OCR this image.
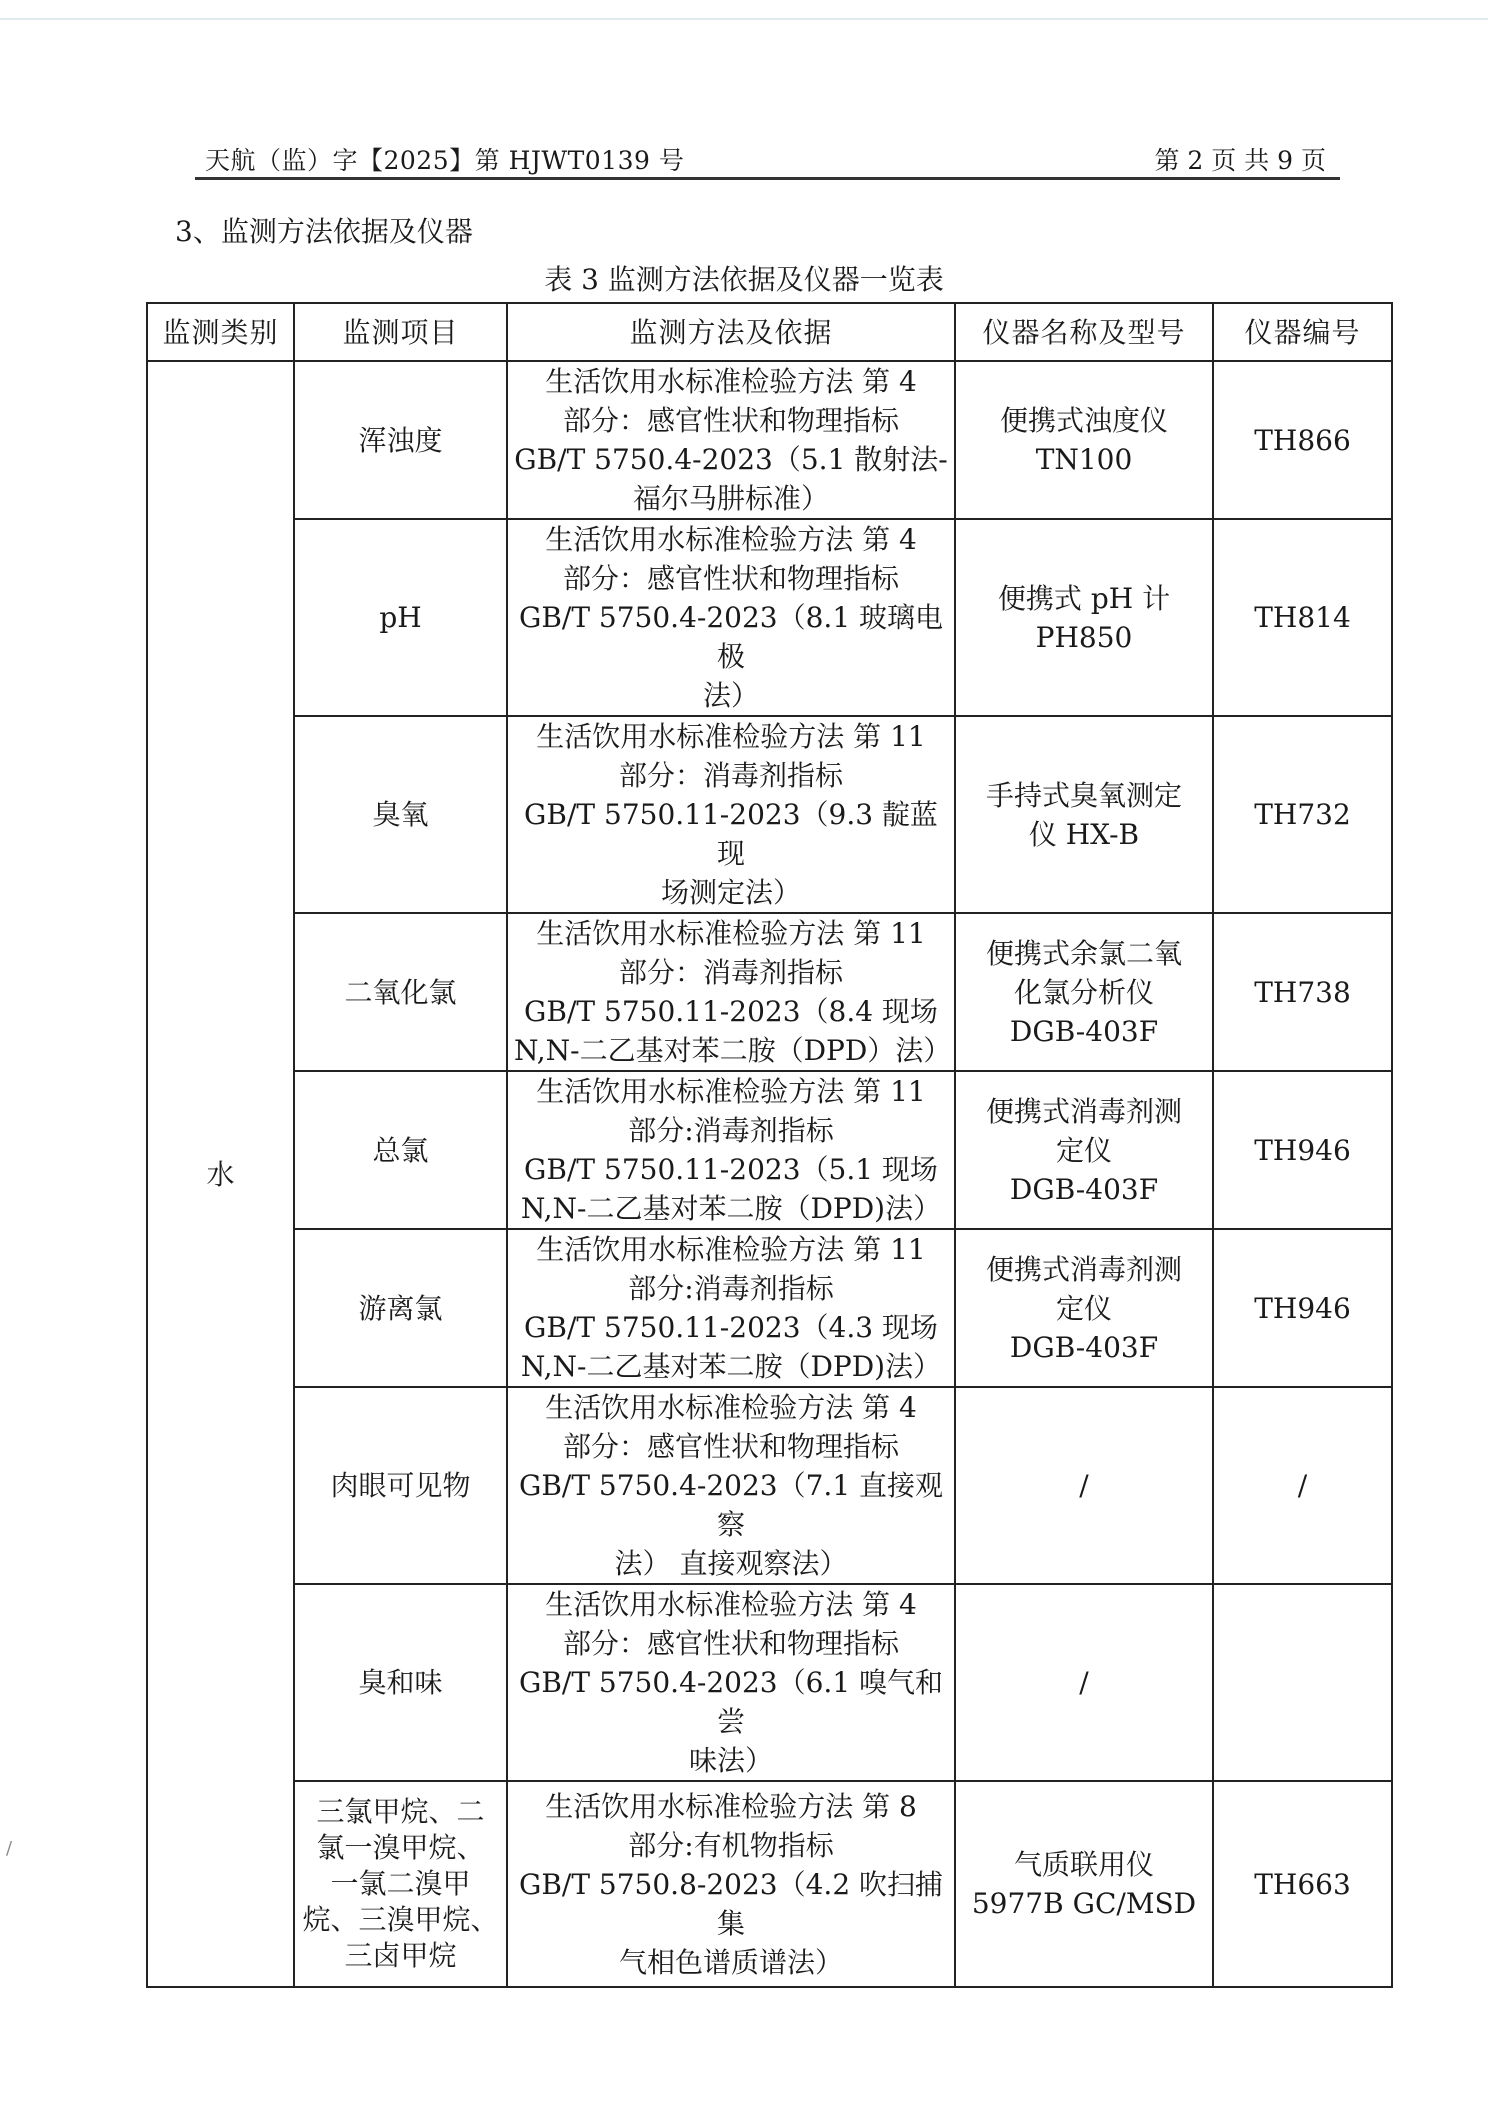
天航（监）字【2025】第 HJWT0139 号	第 2 页 共 9 页
3、监测方法依据及仪器
表 3 监测方法依据及仪器一览表
监测类别	监测项目	监测方法及依据	仪器名称及型号	仪器编号
水	浑浊度	生活饮用水标准检验方法 第 4
部分：感官性状和物理指标
GB/T 5750.4-2023（5.1 散射法-
福尔马肼标准）	便携式浊度仪
TN100	TH866
	pH	生活饮用水标准检验方法 第 4
部分：感官性状和物理指标
GB/T 5750.4-2023（8.1 玻璃电极
法）	便携式 pH 计
PH850	TH814
	臭氧	生活饮用水标准检验方法 第 11
部分：消毒剂指标
GB/T 5750.11-2023（9.3 靛蓝现
场测定法）	手持式臭氧测定
仪 HX-B	TH732
	二氧化氯	生活饮用水标准检验方法 第 11
部分：消毒剂指标
GB/T 5750.11-2023（8.4 现场
N,N-二乙基对苯二胺（DPD）法）	便携式余氯二氧
化氯分析仪
DGB-403F	TH738
	总氯	生活饮用水标准检验方法 第 11
部分:消毒剂指标
GB/T 5750.11-2023（5.1 现场
N,N-二乙基对苯二胺（DPD)法）	便携式消毒剂测
定仪
DGB-403F	TH946
	游离氯	生活饮用水标准检验方法 第 11
部分:消毒剂指标
GB/T 5750.11-2023（4.3 现场
N,N-二乙基对苯二胺（DPD)法）	便携式消毒剂测
定仪
DGB-403F	TH946
	肉眼可见物	生活饮用水标准检验方法 第 4
部分：感官性状和物理指标
GB/T 5750.4-2023（7.1 直接观察
法） 直接观察法）	/	/
	臭和味	生活饮用水标准检验方法 第 4
部分：感官性状和物理指标
GB/T 5750.4-2023（6.1 嗅气和尝
味法）	/	

	三氯甲烷、二
氯一溴甲烷、
一氯二溴甲
烷、三溴甲烷、
三卤甲烷	生活饮用水标准检验方法 第 8
部分:有机物指标
GB/T 5750.8-2023（4.2 吹扫捕集
气相色谱质谱法）	气质联用仪
5977B GC/MSD	TH663
/
